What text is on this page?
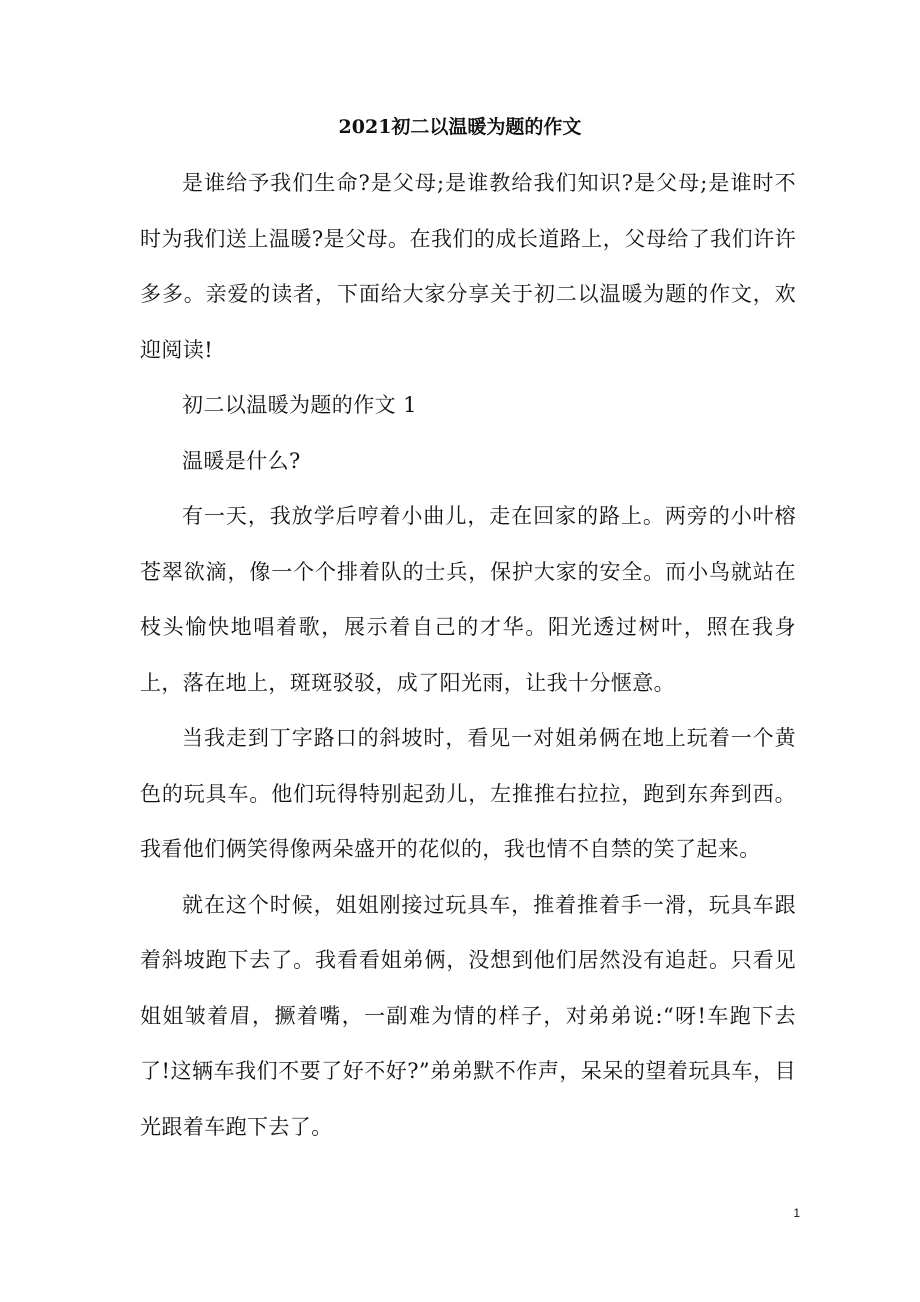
2021初二以温暖为题的作文

是谁给予我们生命?是父母;是谁教给我们知识?是父母;是谁时不时为我们送上温暖?是父母。在我们的成长道路上，父母给了我们许许多多。亲爱的读者，下面给大家分享关于初二以温暖为题的作文，欢迎阅读!

初二以温暖为题的作文 1

温暖是什么?

有一天，我放学后哼着小曲儿，走在回家的路上。两旁的小叶榕苍翠欲滴，像一个个排着队的士兵，保护大家的安全。而小鸟就站在枝头愉快地唱着歌，展示着自己的才华。阳光透过树叶，照在我身上，落在地上，斑斑驳驳，成了阳光雨，让我十分惬意。

当我走到丁字路口的斜坡时，看见一对姐弟俩在地上玩着一个黄色的玩具车。他们玩得特别起劲儿，左推推右拉拉，跑到东奔到西。我看他们俩笑得像两朵盛开的花似的，我也情不自禁的笑了起来。

就在这个时候，姐姐刚接过玩具车，推着推着手一滑，玩具车跟着斜坡跑下去了。我看看姐弟俩，没想到他们居然没有追赶。只看见姐姐皱着眉，撅着嘴，一副难为情的样子，对弟弟说:“呀!车跑下去了!这辆车我们不要了好不好?”弟弟默不作声，呆呆的望着玩具车，目光跟着车跑下去了。

1
